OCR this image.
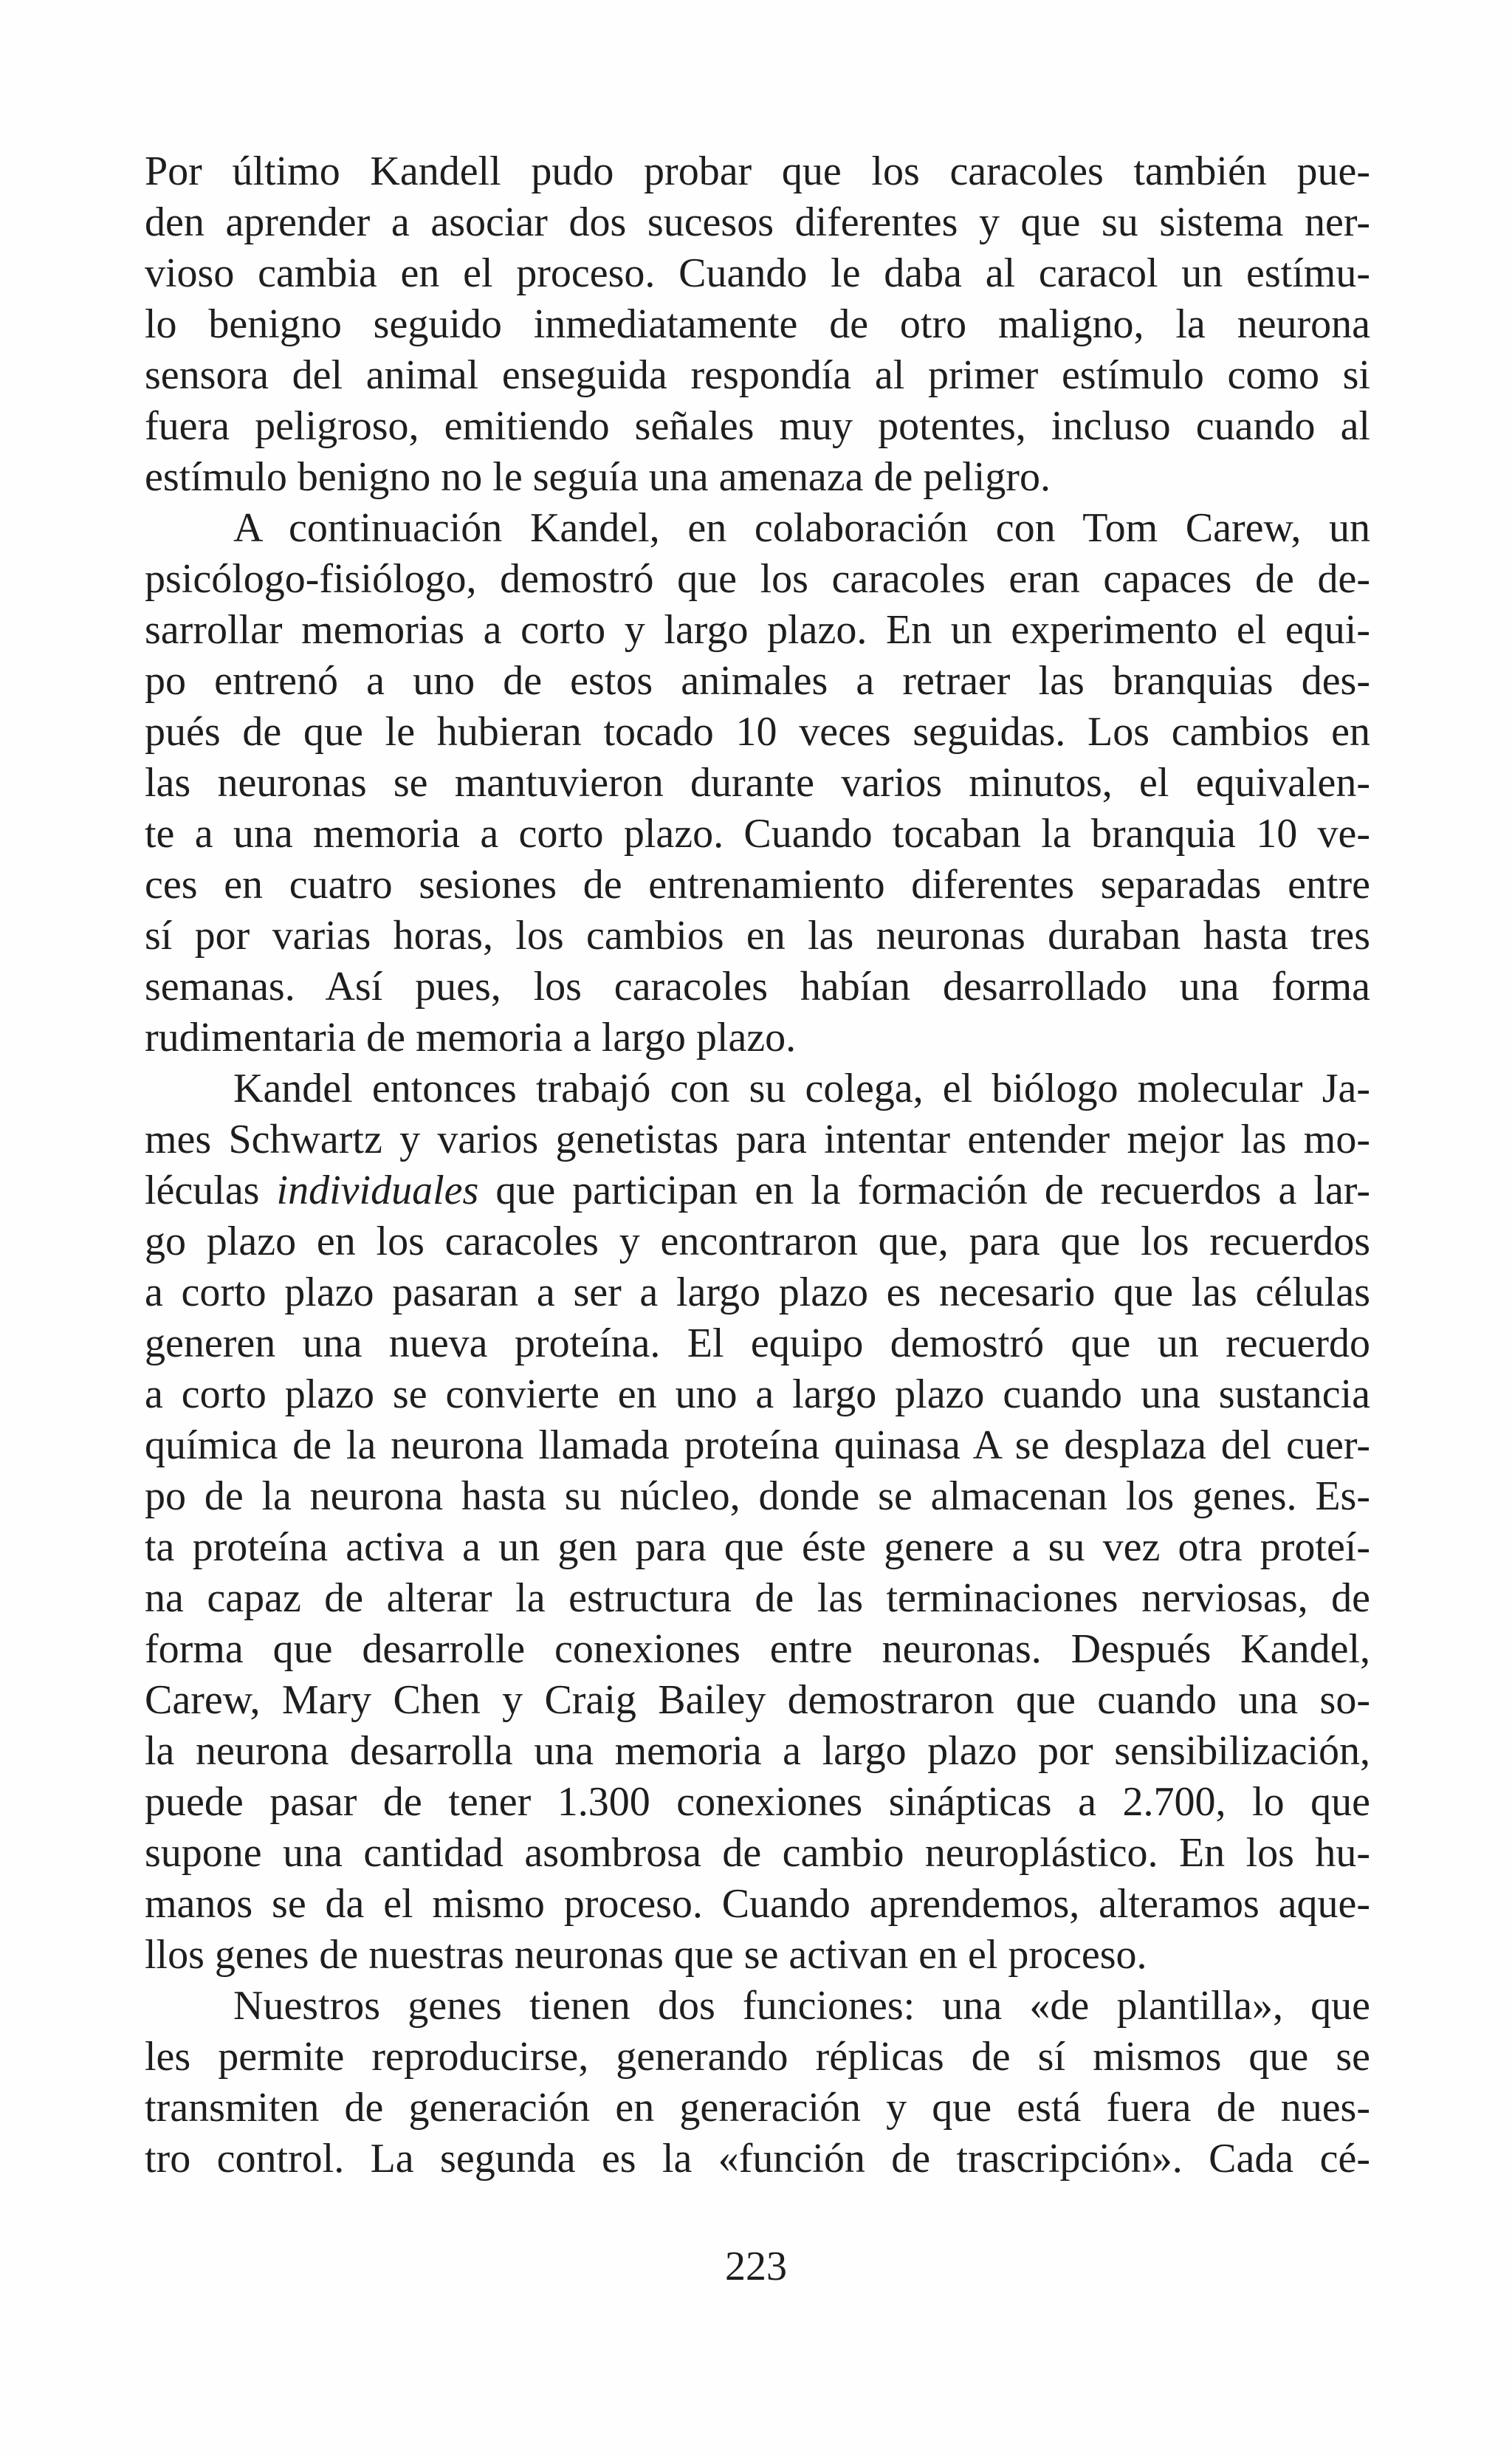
Por último Kandell pudo probar que los caracoles también pue-
den aprender a asociar dos sucesos diferentes y que su sistema ner-
vioso cambia en el proceso. Cuando le daba al caracol un estímu-
lo benigno seguido inmediatamente de otro maligno, la neurona
sensora del animal enseguida respondía al primer estímulo como si
fuera peligroso, emitiendo señales muy potentes, incluso cuando al
estímulo benigno no le seguía una amenaza de peligro.
A continuación Kandel, en colaboración con Tom Carew, un
psicólogo-fisiólogo, demostró que los caracoles eran capaces de de-
sarrollar memorias a corto y largo plazo. En un experimento el equi-
po entrenó a uno de estos animales a retraer las branquias des-
pués de que le hubieran tocado 10 veces seguidas. Los cambios en
las neuronas se mantuvieron durante varios minutos, el equivalen-
te a una memoria a corto plazo. Cuando tocaban la branquia 10 ve-
ces en cuatro sesiones de entrenamiento diferentes separadas entre
sí por varias horas, los cambios en las neuronas duraban hasta tres
semanas. Así pues, los caracoles habían desarrollado una forma
rudimentaria de memoria a largo plazo.
Kandel entonces trabajó con su colega, el biólogo molecular Ja-
mes Schwartz y varios genetistas para intentar entender mejor las mo-
léculas individuales que participan en la formación de recuerdos a lar-
go plazo en los caracoles y encontraron que, para que los recuerdos
a corto plazo pasaran a ser a largo plazo es necesario que las células
generen una nueva proteína. El equipo demostró que un recuerdo
a corto plazo se convierte en uno a largo plazo cuando una sustancia
química de la neurona llamada proteína quinasa A se desplaza del cuer-
po de la neurona hasta su núcleo, donde se almacenan los genes. Es-
ta proteína activa a un gen para que éste genere a su vez otra proteí-
na capaz de alterar la estructura de las terminaciones nerviosas, de
forma que desarrolle conexiones entre neuronas. Después Kandel,
Carew, Mary Chen y Craig Bailey demostraron que cuando una so-
la neurona desarrolla una memoria a largo plazo por sensibilización,
puede pasar de tener 1.300 conexiones sinápticas a 2.700, lo que
supone una cantidad asombrosa de cambio neuroplástico. En los hu-
manos se da el mismo proceso. Cuando aprendemos, alteramos aque-
llos genes de nuestras neuronas que se activan en el proceso.
Nuestros genes tienen dos funciones: una «de plantilla», que
les permite reproducirse, generando réplicas de sí mismos que se
transmiten de generación en generación y que está fuera de nues-
tro control. La segunda es la «función de trascripción». Cada cé-
223
